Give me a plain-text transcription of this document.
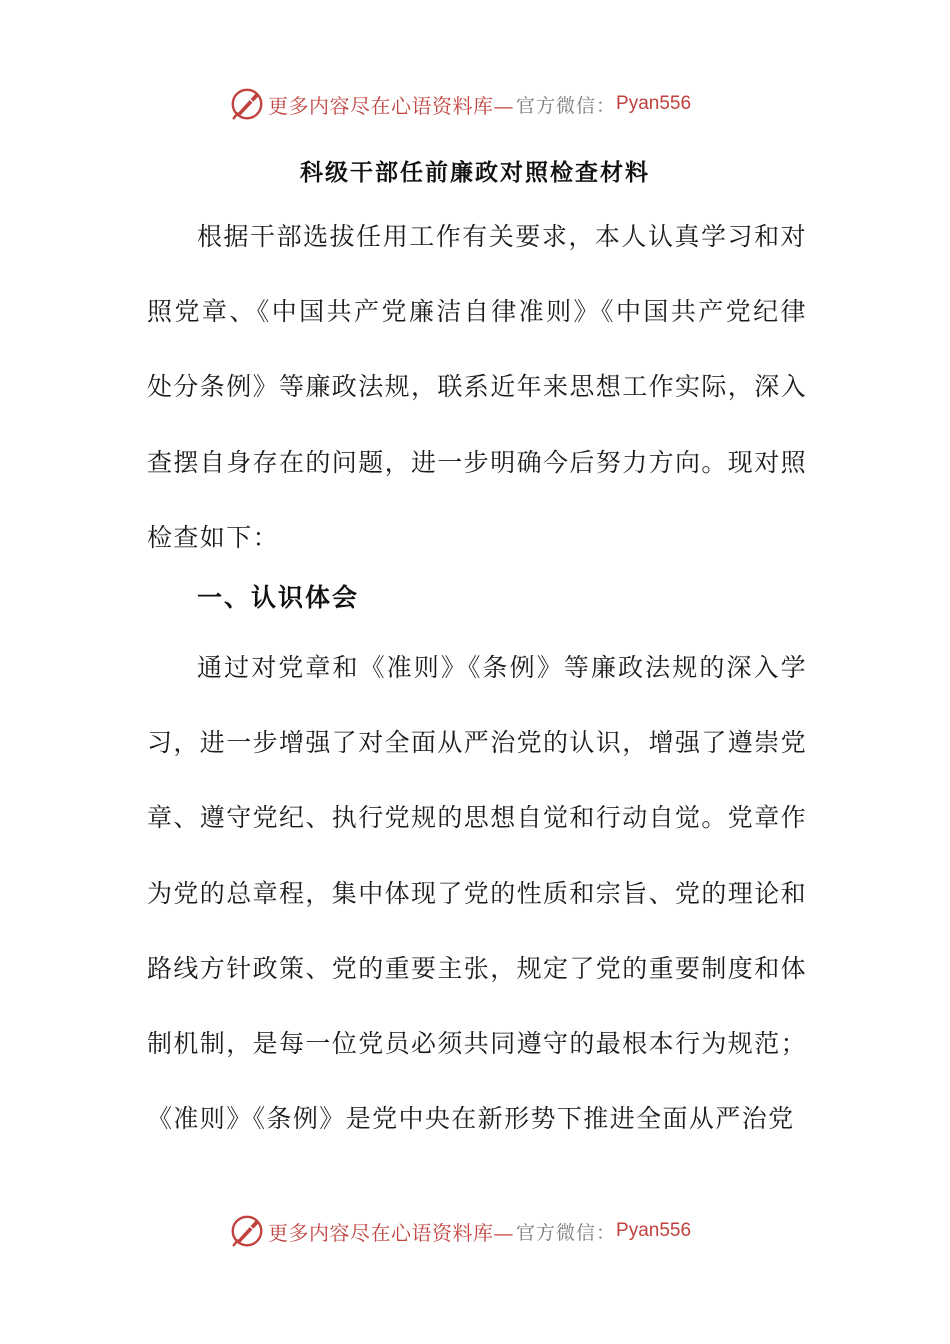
更多内容尽在心语资料库— 官方微信： Pyan556
科级干部任前廉政对照检查材料
根据干部选拔任用工作有关要求，本人认真学习和对照党章、《中国共产党廉洁自律准则》《中国共产党纪律处分条例》等廉政法规，联系近年来思想工作实际，深入查摆自身存在的问题，进一步明确今后努力方向。现对照检查如下：
一、认识体会
通过对党章和《准则》《条例》等廉政法规的深入学习，进一步增强了对全面从严治党的认识，增强了遵崇党章、遵守党纪、执行党规的思想自觉和行动自觉。党章作为党的总章程，集中体现了党的性质和宗旨、党的理论和路线方针政策、党的重要主张，规定了党的重要制度和体制机制，是每一位党员必须共同遵守的最根本行为规范；《准则》《条例》是党中央在新形势下推进全面从严治党
更多内容尽在心语资料库— 官方微信： Pyan556
